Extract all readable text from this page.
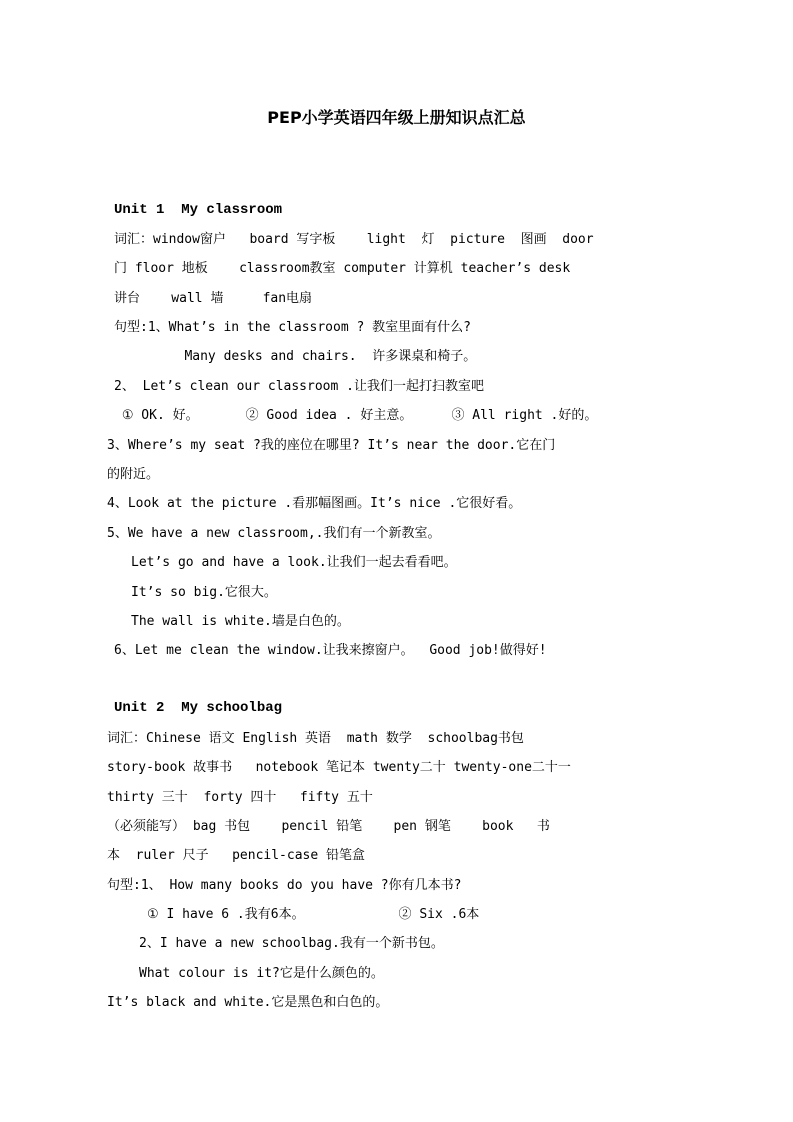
PEP小学英语四年级上册知识点汇总
Unit 1  My classroom
词汇：window窗户   board 写字板    light  灯  picture  图画  door
门 floor 地板    classroom教室 computer 计算机 teacher’s desk
讲台    wall 墙     fan电扇
句型:1、What’s in the classroom ? 教室里面有什么?
Many desks and chairs.  许多课桌和椅子。
2、 Let’s clean our classroom .让我们一起打扫教室吧
① OK. 好。      ② Good idea . 好主意。     ③ All right .好的。
3、Where’s my seat ?我的座位在哪里? It’s near the door.它在门
的附近。
4、Look at the picture .看那幅图画。It’s nice .它很好看。
5、We have a new classroom,.我们有一个新教室。
Let’s go and have a look.让我们一起去看看吧。
It’s so big.它很大。
The wall is white.墙是白色的。
6、Let me clean the window.让我来擦窗户。  Good job!做得好!
Unit 2  My schoolbag
词汇：Chinese 语文 English 英语  math 数学  schoolbag书包
story-book 故事书   notebook 笔记本 twenty二十 twenty-one二十一
thirty 三十  forty 四十   fifty 五十
（必须能写） bag 书包    pencil 铅笔    pen 钢笔    book   书
本  ruler 尺子   pencil-case 铅笔盒
句型:1、 How many books do you have ?你有几本书?
① I have 6 .我有6本。            ② Six .6本
2、I have a new schoolbag.我有一个新书包。
What colour is it?它是什么颜色的。
It’s black and white.它是黑色和白色的。
